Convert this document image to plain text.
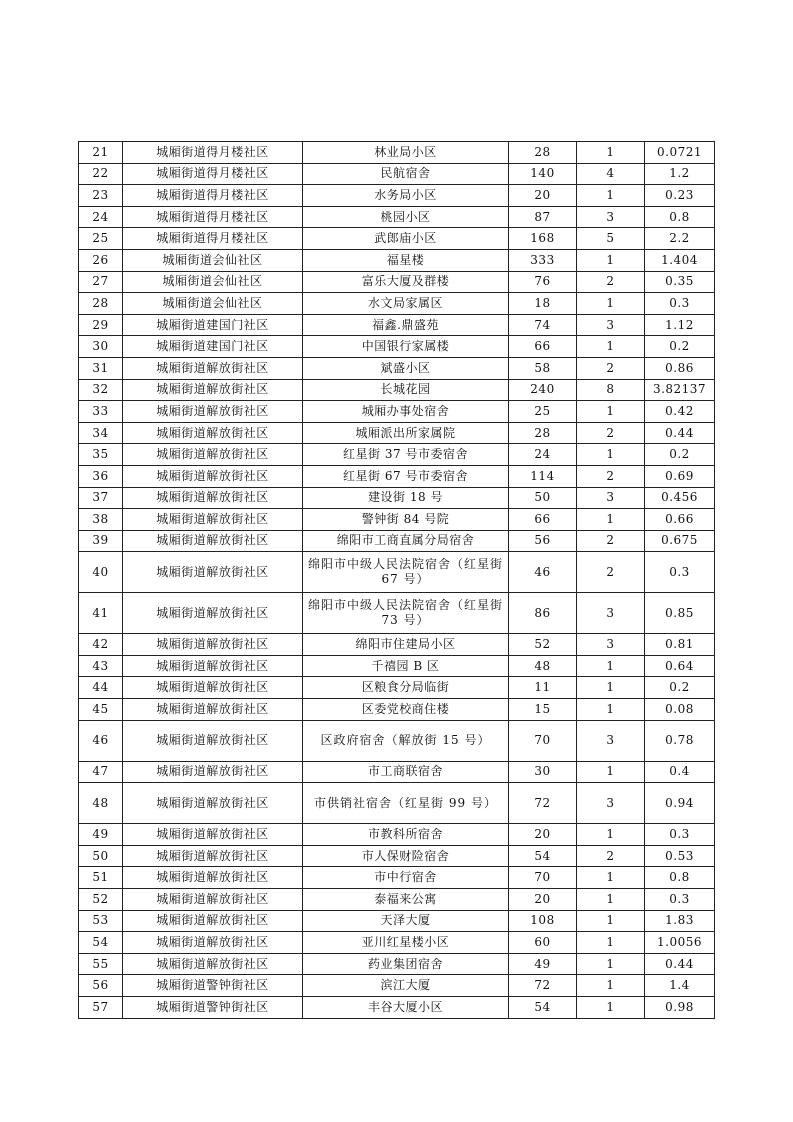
21	城厢街道得月楼社区	林业局小区	28	1	0.0721
22	城厢街道得月楼社区	民航宿舍	140	4	1.2
23	城厢街道得月楼社区	水务局小区	20	1	0.23
24	城厢街道得月楼社区	桃园小区	87	3	0.8
25	城厢街道得月楼社区	武郎庙小区	168	5	2.2
26	城厢街道会仙社区	福星楼	333	1	1.404
27	城厢街道会仙社区	富乐大厦及群楼	76	2	0.35
28	城厢街道会仙社区	水文局家属区	18	1	0.3
29	城厢街道建国门社区	福鑫.鼎盛苑	74	3	1.12
30	城厢街道建国门社区	中国银行家属楼	66	1	0.2
31	城厢街道解放街社区	斌盛小区	58	2	0.86
32	城厢街道解放街社区	长城花园	240	8	3.82137
33	城厢街道解放街社区	城厢办事处宿舍	25	1	0.42
34	城厢街道解放街社区	城厢派出所家属院	28	2	0.44
35	城厢街道解放街社区	红星街 37 号市委宿舍	24	1	0.2
36	城厢街道解放街社区	红星街 67 号市委宿舍	114	2	0.69
37	城厢街道解放街社区	建设街 18 号	50	3	0.456
38	城厢街道解放街社区	警钟街 84 号院	66	1	0.66
39	城厢街道解放街社区	绵阳市工商直属分局宿舍	56	2	0.675
40	城厢街道解放街社区	绵阳市中级人民法院宿舍（红星街 67 号）	46	2	0.3
41	城厢街道解放街社区	绵阳市中级人民法院宿舍（红星街 73 号）	86	3	0.85
42	城厢街道解放街社区	绵阳市住建局小区	52	3	0.81
43	城厢街道解放街社区	千禧园 B 区	48	1	0.64
44	城厢街道解放街社区	区粮食分局临街	11	1	0.2
45	城厢街道解放街社区	区委党校商住楼	15	1	0.08
46	城厢街道解放街社区	区政府宿舍（解放街 15 号）	70	3	0.78
47	城厢街道解放街社区	市工商联宿舍	30	1	0.4
48	城厢街道解放街社区	市供销社宿舍（红星街 99 号）	72	3	0.94
49	城厢街道解放街社区	市教科所宿舍	20	1	0.3
50	城厢街道解放街社区	市人保财险宿舍	54	2	0.53
51	城厢街道解放街社区	市中行宿舍	70	1	0.8
52	城厢街道解放街社区	泰福来公寓	20	1	0.3
53	城厢街道解放街社区	天泽大厦	108	1	1.83
54	城厢街道解放街社区	亚川红星楼小区	60	1	1.0056
55	城厢街道解放街社区	药业集团宿舍	49	1	0.44
56	城厢街道警钟街社区	滨江大厦	72	1	1.4
57	城厢街道警钟街社区	丰谷大厦小区	54	1	0.98
